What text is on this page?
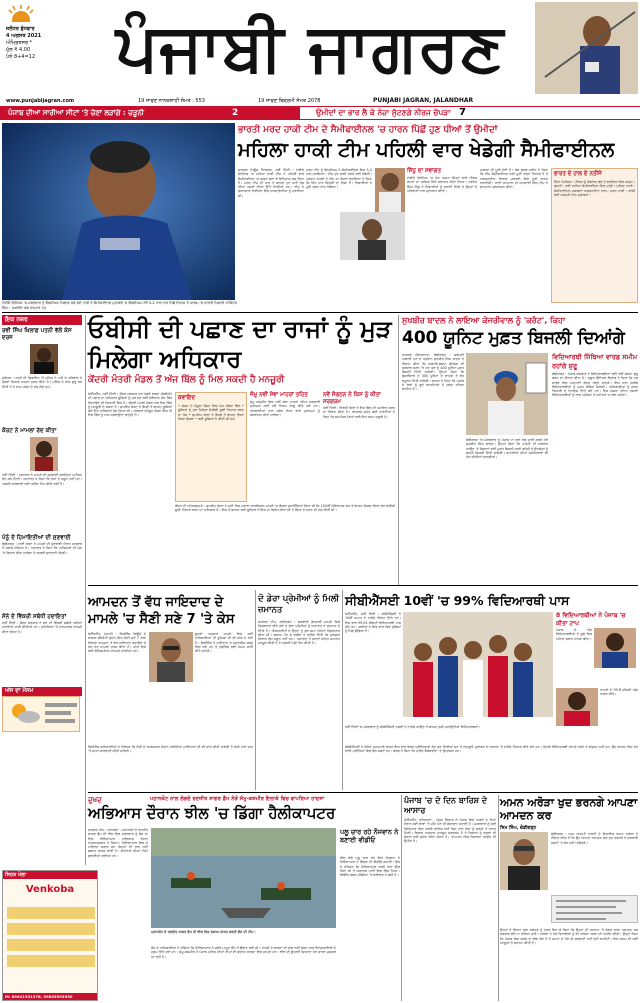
ਜਲੰਧਰ ਬੁੱਧਵਾਰ
4 ਅਗਸਤ 2021
ਅੰਮ੍ਰਿਤਸਰ *
ਮੁੱਲ ₹ 4.00
ਪੰਨੇ 8+4=12	ਪੰਜਾਬੀ ਜਾਗਰਣ
www.punjabijagran.com	19 ਸਾਵਣ ਨਾਨਕਸ਼ਾਹੀ ਸੰਮਤ : 553	19 ਸਾਵਣ ਬਿਕ੍ਰਮੀ ਸੰਮਤ 2078	PUNJABI JAGRAN, JALANDHAR
ਪੰਜਾਬ ਦੀਆਂ ਸਾਰੀਆਂ ਸੀਟਾਂ 'ਤੇ ਚੋਣਾਂ ਲੜਾਂਗੇ : ਚੜੂਨੀ	2	ਉਮੀਦਾਂ ਦਾ ਭਾਰ ਲੈ ਕੇ ਨੇਜ਼ਾ ਸੁੱਟਣਗੇ ਨੀਰਜ ਚੋਪੜਾ 7
ਟੋਕੀਓ ਓਲੰਪਿਕ 'ਚ ਮੰਗਲਵਾਰ ਨੂੰ ਬੈਲਜੀਅਮ ਖ਼ਿਲਾਫ਼ ਖੇਡੇ ਗਏ ਹਾਕੀ ਦੇ ਸੈਮੀਫਾਈਨਲ ਮੁਕਾਬਲੇ 'ਚ ਬੈਲਜੀਅਮ ਹੱਥੋਂ 5-2 ਨਾਲ ਹਾਰ ਪਿੱਛੋਂ ਨਿਰਾਸ਼ ਦੇ ਆਲਮ 'ਚ ਭਾਰਤੀ ਖਿਡਾਰੀ ਰਾਜਿੰਦਰ ਸਿੰਘ। (ਅਲੀਨਾ ਬਡ ਰਾਸ਼ਟਰ 'ਚ)
ਭਾਰਤੀ ਮਰਦ ਹਾਕੀ ਟੀਮ ਦੇ ਸੈਮੀਫਾਈਨਲ 'ਚ ਹਾਰਨ ਪਿੱਛੋਂ ਹੁਣ ਧੀਆਂ ਤੋਂ ਉਮੀਦਾਂ
ਮਹਿਲਾ ਹਾਕੀ ਟੀਮ ਪਹਿਲੀ ਵਾਰ ਖੇਡੇਗੀ ਸੈਮੀਫਾਈਨਲ
ਜਾਗਰਣ ਨਿਊਜ਼ ਨੈੱਟਵਰਕ, ਨਵੀਂ ਦਿੱਲੀ : ਟੋਕੀਓ ਓਲੰਪਿਕ 'ਚ ਮਹਿਲਾ ਹਾਕੀ ਟੀਮ ਨੇ ਪਹਿਲੀ ਵਾਰ ਸੈਮੀਫਾਈਨਲ 'ਚ ਜਗ੍ਹਾ ਬਣਾ ਕੇ ਇਤਿਹਾਸ ਰਚ ਦਿੱਤਾ ਹੈ। ਮਰਦ ਟੀਮ ਦੀ ਹਾਰ ਤੋਂ ਬਾਅਦ ਹੁਣ ਸਾਰੇ ਦੇਸ਼ ਦੀਆਂ ਨਜ਼ਰਾਂ ਧੀਆਂ ਉੱਤੇ ਟਿਕੀਆਂ ਹਨ। ਟੀਮ ਨੇ ਕੁਆਰਟਰ ਫਾਈਨਲ ਵਿਚ ਆਸਟ੍ਰੇਲੀਆ ਨੂੰ ਹਰਾਇਆ ਸੀ।
ਮਰਦ ਟੀਮ ਨੂੰ ਬੈਲਜੀਅਮ ਨੇ ਸੈਮੀਫਾਈਨਲ ਵਿਚ 5-2 ਨਾਲ ਹਰਾਇਆ। ਟੀਮ ਹੁਣ ਕਾਂਸੀ ਤਗਮੇ ਲਈ ਖੇਡੇਗੀ। ਪ੍ਰਧਾਨ ਮੰਤਰੀ ਨੇ ਟੀਮ ਦਾ ਹੌਸਲਾ ਵਧਾਇਆ ਤੇ ਕਿਹਾ ਕਿ ਜਿੱਤ ਹਾਰ ਜ਼ਿੰਦਗੀ ਦਾ ਹਿੱਸਾ ਹੈ। ਖਿਡਾਰੀਆਂ ਨੇ ਪੂਰੀ ਲਗਨ ਨਾਲ ਖੇਡਿਆ।
ਸਿੱਧੂ ਦਾ ਸਵਾਗਤ
ਟੋਕੀਓ ਓਲੰਪਿਕ 'ਚ ਸੋਨ ਤਗਮਾ ਜਿੱਤਣ ਵਾਲੇ ਨੀਰਜ ਚੋਪੜਾ ਦਾ ਜਲੰਧਰ ਵਿਖੇ ਸਵਾਗਤ ਕੀਤਾ ਗਿਆ। ਨਵਜੋਤ ਸਿੰਘ ਸਿੱਧੂ ਨੇ ਖਿਡਾਰੀਆਂ ਨੂੰ ਵਧਾਈ ਦਿੱਤੀ ਤੇ ਉਨ੍ਹਾਂ ਦੇ ਪਰਿਵਾਰਾਂ ਨਾਲ ਮੁਲਾਕਾਤ ਕੀਤੀ।
ਮਕਸਦ ਦੀ ਪੂਰੀ ਹੋਈ ਹੈ। ਕੋਚ ਸ਼ੋਰਡ ਮਰੀਨ ਨੇ ਕਿਹਾ ਕਿ ਟੀਮ ਸੈਮੀਫਾਈਨਲ ਲਈ ਪੂਰੀ ਤਰ੍ਹਾਂ ਤਿਆਰ ਹੈ ਤੇ ਅਰਜਨਟੀਨਾ ਖ਼ਿਲਾਫ਼ ਮੁਕਾਬਲੇ ਵਿਚ ਪੂਰੀ ਤਾਕਤ ਲਗਾਏਗੀ। ਰਾਣੀ ਰਾਮਪਾਲ ਦੀ ਅਗਵਾਈ ਵਿਚ ਟੀਮ ਨੇ ਸ਼ਾਨਦਾਰ ਪ੍ਰਦਰਸ਼ਨ ਕੀਤਾ।	ਭਾਰਤ ਦੇ ਹਾਲ ਦੇ ਨਤੀਜੇ
ਜਿੱਤਾ ਮਿਲਿਆ : ਨੀਰਜ ਨੂੰ ਜੈਵਲਿਨ ਥ੍ਰੋ ਦੇ ਫਾਈਨਲ ਵਿਚ ਜਗ੍ਹਾ। ਕੁਸ਼ਤੀ : ਰਵੀ ਦਹੀਆ ਸੈਮੀਫਾਈਨਲ ਵਿਚ ਪਹੁੰਚੇ। ਮਹਿਲਾ ਹਾਕੀ : ਸੈਮੀਫਾਈਨਲ ਮੁਕਾਬਲਾ ਅਰਜਨਟੀਨਾ ਨਾਲ। ਮਰਦ ਹਾਕੀ : ਕਾਂਸੀ ਲਈ ਜਰਮਨੀ ਨਾਲ ਮੁਕਾਬਲਾ।
ਇਕ ਨਜ਼ਰ
ਰਵੀ ਸਿੰਘ ਖ਼ਿਲਾਫ਼ ਪਤਨੀ ਵੱਲੋਂ ਕੇਸ ਦਰਜ
ਜਲੰਧਰ : ਪਤਨੀ ਦੀ ਸ਼ਿਕਾਇਤ 'ਤੇ ਪੁਲਿਸ ਨੇ ਪਤੀ ਤੇ ਪਰਿਵਾਰ ਦੇ ਮੈਂਬਰਾਂ ਖ਼ਿਲਾਫ਼ ਮਾਮਲਾ ਦਰਜ ਕੀਤਾ ਹੈ। ਪੁਲਿਸ ਨੇ ਜਾਂਚ ਸ਼ੁਰੂ ਕਰ ਦਿੱਤੀ ਹੈ ਤੇ ਦਾਜ ਮੰਗਣ ਦੇ ਦੋਸ਼ ਲੱਗੇ ਹਨ।
ਕੋਰਟ ਨੇ ਮਾਮਲਾ ਰੱਦ ਕੀਤਾ
ਨਵੀਂ ਦਿੱਲੀ : ਅਦਾਲਤ ਨੇ ਮਾਮਲੇ ਦੀ ਸੁਣਵਾਈ ਕਰਦਿਆਂ ਪਟੀਸ਼ਨ ਰੱਦ ਕਰ ਦਿੱਤੀ। ਅਦਾਲਤ ਨੇ ਕਿਹਾ ਕਿ ਦੋਸ਼ਾਂ ਦੇ ਸਬੂਤ ਨਹੀਂ ਹਨ। ਅਗਲੀ ਕਾਰਵਾਈ ਲਈ ਤਰੀਕ ਤੈਅ ਕੀਤੀ ਗਈ ਹੈ।
ਪੰਨੂੰ ਦੇ ਹਿਮਾਇਤੀਆਂ ਦੀ ਸੁਣਵਾਈ
ਚੰਡੀਗੜ੍ਹ : ਹਾਈ ਕੋਰਟ ਨੇ ਮਾਮਲੇ ਦੀ ਸੁਣਵਾਈ ਦੌਰਾਨ ਸਰਕਾਰ ਤੋਂ ਜਵਾਬ ਮੰਗਿਆ ਹੈ। ਅਦਾਲਤ ਨੇ ਕਿਹਾ ਕਿ ਪਟੀਸ਼ਨਰਾਂ ਦੀ ਮੰਗ 'ਤੇ ਵਿਚਾਰ ਕੀਤਾ ਜਾਵੇਗਾ ਤੇ ਅਗਲੀ ਸੁਣਵਾਈ ਹੋਵੇਗੀ।
ਸੋਨੇ ਦੇ ਵਿੱਕਰੀ ਸਬੰਧੀ ਹਦਾਇਤਾਂ
ਨਵੀਂ ਦਿੱਲੀ : ਕੇਂਦਰ ਸਰਕਾਰ ਨੇ ਸੋਨੇ ਦੀ ਵਿੱਕਰੀ ਸਬੰਧੀ ਨਵੀਆਂ ਹਦਾਇਤਾਂ ਜਾਰੀ ਕੀਤੀਆਂ ਹਨ। ਗਹਿਣਿਆਂ 'ਤੇ ਹਾਲਮਾਰਕ ਲਾਜ਼ਮੀ ਕੀਤਾ ਗਿਆ ਹੈ।
ਅੱਜ ਦਾ ਮੌਸਮ
ਸਿਹਤ ਮੇਲਾ
Venkoba
M: 09041931376, 09855595950
ਓਬੀਸੀ ਦੀ ਪਛਾਣ ਦਾ ਰਾਜਾਂ ਨੂੰ ਮੁੜ ਮਿਲੇਗਾ ਅਧਿਕਾਰ
ਕੇਂਦਰੀ ਮੰਤਰੀ ਮੰਡਲ ਤੋਂ ਅੱਜ ਬਿੱਲ ਨੂੰ ਮਿਲ ਸਕਦੀ ਹੈ ਮਨਜ਼ੂਰੀ
ਜੇਐੱਨਐੱਨ, ਨਵੀਂ ਦਿੱਲੀ : ਕੇਂਦਰ ਸਰਕਾਰ ਹੋਰ ਪੱਛੜੇ ਵਰਗਾਂ (ਓਬੀਸੀ) ਦੀ ਪਛਾਣ ਦਾ ਅਧਿਕਾਰ ਸੂਬਿਆਂ ਨੂੰ ਮੁੜ ਦੇਣ ਲਈ ਸੰਵਿਧਾਨ ਸੋਧ ਬਿੱਲ ਲਿਆਉਣ ਦੀ ਤਿਆਰੀ ਵਿਚ ਹੈ। ਕੇਂਦਰੀ ਮੰਤਰੀ ਮੰਡਲ ਅੱਜ ਇਸ ਬਿੱਲ ਨੂੰ ਮਨਜ਼ੂਰੀ ਦੇ ਸਕਦਾ ਹੈ। ਸੁਪਰੀਮ ਕੋਰਟ ਦੇ ਫ਼ੈਸਲੇ ਤੋਂ ਬਾਅਦ ਸੂਬਿਆਂ ਕੋਲੋਂ ਇਹ ਅਧਿਕਾਰ ਖੁੱਸ ਗਿਆ ਸੀ। ਸਰਕਾਰ ਮੌਨਸੂਨ ਸੈਸ਼ਨ ਵਿਚ ਹੀ ਇਸ ਬਿੱਲ ਨੂੰ ਪਾਸ ਕਰਵਾਉਣਾ ਚਾਹੁੰਦੀ ਹੈ।
ਕਵਾਇਦ
• ਸੰਸਦ ਦੇ ਮੌਜੂਦਾ ਸੈਸ਼ਨ ਵਿਚ ਪੇਸ਼ ਹੋਵੇਗਾ ਬਿੱਲ • ਸੂਬਿਆਂ ਨੂੰ ਮੁੜ ਮਿਲੇਗਾ ਓਬੀਸੀ ਸੂਚੀ ਤਿਆਰ ਕਰਨ ਦਾ ਹੱਕ • ਸੁਪਰੀਮ ਕੋਰਟ ਦੇ ਫ਼ੈਸਲੇ ਤੋਂ ਬਾਅਦ ਲਿਆ ਗਿਆ ਫ਼ੈਸਲਾ • ਕਈ ਸੂਬਿਆਂ ਨੇ ਕੀਤੀ ਸੀ ਮੰਗ	ਜੰਮੂ ਨਵੀਂ ਸੇਵਾ ਮਾਹਰਾਂ ਤਹਿਤ
ਜੰਮੂ ਕਸ਼ਮੀਰ ਵਿਚ ਨਵੀਂ ਸੇਵਾ ਮਾਹਰਾਂ ਤਹਿਤ ਸਰਕਾਰੀ ਮੁਲਾਜ਼ਮਾਂ ਲਈ ਨਵੇਂ ਨਿਯਮ ਲਾਗੂ ਕੀਤੇ ਗਏ ਹਨ। ਅੱਤਵਾਦੀਆਂ ਨਾਲ ਸਬੰਧ ਰੱਖਣ ਵਾਲੇ ਮੁਲਾਜ਼ਮਾਂ ਨੂੰ ਬਰਖ਼ਾਸਤ ਕੀਤਾ ਜਾਵੇਗਾ।	ਨਵੇਂ ਸੰਗਠਨ ਨੇ ਕਿਸ ਨੂੰ ਕੀਤਾ ਸਰਗਰਮ
ਨਵੀਂ ਦਿੱਲੀ : ਵਿਰੋਧੀ ਧਿਰਾਂ ਨੇ ਇਸ ਬਿੱਲ ਦੀ ਹਮਾਇਤ ਕਰਨ ਦਾ ਐਲਾਨ ਕੀਤਾ ਹੈ। ਕਾਂਗਰਸ ਸਮੇਤ ਕਈ ਪਾਰਟੀਆਂ ਨੇ ਕਿਹਾ ਕਿ ਸਮਾਜਿਕ ਨਿਆਂ ਲਈ ਇਹ ਕਦਮ ਜ਼ਰੂਰੀ ਹੈ।
ਕੇਂਦਰ ਦੀ ਪਹਿਲਕਦਮੀ : ਸੁਪਰੀਮ ਕੋਰਟ ਨੇ ਮਈ ਵਿਚ ਮਰਾਠਾ ਰਾਖਵੇਂਕਰਨ ਮਾਮਲੇ 'ਚ ਫ਼ੈਸਲਾ ਸੁਣਾਉਂਦਿਆਂ ਕਿਹਾ ਸੀ ਕਿ 102ਵੀਂ ਸੰਵਿਧਾਨਕ ਸੋਧ ਤੋਂ ਬਾਅਦ ਸਿਰਫ਼ ਕੇਂਦਰ ਕੋਲ ਓਬੀਸੀ ਸੂਚੀ ਤਿਆਰ ਕਰਨ ਦਾ ਅਧਿਕਾਰ ਹੈ। ਇਸ ਤੋਂ ਬਾਅਦ ਕਈ ਸੂਬਿਆਂ ਨੇ ਇਸ ਦਾ ਵਿਰੋਧ ਕੀਤਾ ਸੀ ਤੇ ਕੇਂਦਰ ਤੋਂ ਦਖ਼ਲ ਦੀ ਮੰਗ ਕੀਤੀ ਸੀ।
ਸੁਖਬੀਰ ਬਾਦਲ ਨੇ ਲਾਇਆ ਕੇਜਰੀਵਾਲ ਨੂੰ 'ਕਰੰਟ', ਕਿਹਾ
400 ਯੂਨਿਟ ਮੁਫ਼ਤ ਬਿਜਲੀ ਦਿਆਂਗੇ
ਜਾਗਰਣ ਸੰਵਾਦਦਾਤਾ, ਚੰਡੀਗੜ੍ਹ : ਸ਼੍ਰੋਮਣੀ ਅਕਾਲੀ ਦਲ ਦੇ ਪ੍ਰਧਾਨ ਸੁਖਬੀਰ ਸਿੰਘ ਬਾਦਲ ਨੇ ਐਲਾਨ ਕੀਤਾ ਕਿ ਅਕਾਲੀ-ਬਸਪਾ ਗੱਠਜੋੜ ਦੀ ਸਰਕਾਰ ਬਣਨ 'ਤੇ ਹਰ ਘਰ ਨੂੰ 400 ਯੂਨਿਟ ਮੁਫ਼ਤ ਬਿਜਲੀ ਦਿੱਤੀ ਜਾਵੇਗੀ। ਉਨ੍ਹਾਂ ਕਿਹਾ ਕਿ ਕੇਜਰੀਵਾਲ ਦੇ 300 ਯੂਨਿਟ ਦੇ ਵਾਅਦੇ ਤੋਂ ਵੱਧ ਸਹੂਲਤ ਦਿੱਤੀ ਜਾਵੇਗੀ। ਬਾਦਲ ਨੇ ਕਿਹਾ ਕਿ ਪੰਜਾਬ ਦੇ ਲੋਕਾਂ ਨੂੰ ਝੂਠੇ ਵਾਅਦਿਆਂ ਤੋਂ ਸੁਚੇਤ ਰਹਿਣਾ ਚਾਹੀਦਾ ਹੈ।
ਚੰਡੀਗੜ੍ਹ 'ਚ ਮੰਗਲਵਾਰ ਨੂੰ ਪੰਜਾਬ ਦਾ ਨਵਾਂ ਲੋਗੋ ਜਾਰੀ ਕਰਦੇ ਹੋਏ ਸੁਖਬੀਰ ਸਿੰਘ ਬਾਦਲ। ਉਨ੍ਹਾਂ ਕਿਹਾ ਕਿ ਪਾਰਟੀ ਦੀ ਸਰਕਾਰ ਆਉਣ 'ਤੇ ਕਿਸਾਨਾਂ ਲਈ ਮੁਫ਼ਤ ਬਿਜਲੀ ਜਾਰੀ ਰਹੇਗੀ ਤੇ ਉਦਯੋਗਾਂ ਨੂੰ ਸਸਤੀ ਬਿਜਲੀ ਦਿੱਤੀ ਜਾਵੇਗੀ। ਵਪਾਰੀਆਂ ਦੀਆਂ ਸਮੱਸਿਆਵਾਂ ਵੀ ਹੱਲ ਕੀਤੀਆਂ ਜਾਣਗੀਆਂ।
ਵਿਦਿਆਰਥੀ ਜਿੱਥਿਆ ਵਾਰਡ ਸਮੀਮ ਰਹਾਂਗੇ ਸ਼ੁਰੂ
ਚੰਡੀਗੜ੍ਹ : ਪੰਜਾਬ ਸਰਕਾਰ ਨੇ ਵਿਦਿਆਰਥੀਆਂ ਲਈ ਨਵੀਂ ਯੋਜਨਾ ਸ਼ੁਰੂ ਕਰਨ ਦਾ ਐਲਾਨ ਕੀਤਾ ਹੈ। ਸਕੂਲ ਸਿੱਖਿਆ ਵਿਭਾਗ ਨੇ ਕਿਹਾ ਕਿ ਹਰ ਵਾਰਡ ਵਿਚ ਪੜ੍ਹਾਈ ਕੇਂਦਰ ਖੋਲ੍ਹੇ ਜਾਣਗੇ। ਇਸ ਨਾਲ ਗ਼ਰੀਬ ਵਿਦਿਆਰਥੀਆਂ ਨੂੰ ਮੁਫ਼ਤ ਕੋਚਿੰਗ ਮਿਲੇਗੀ। ਅਧਿਕਾਰੀਆਂ ਨੂੰ ਜਲਦ ਤਿਆਰੀ ਦੇ ਨਿਰਦੇਸ਼ ਦਿੱਤੇ ਗਏ ਹਨ। ਇਸ ਯੋਜਨਾ ਤਹਿਤ ਹਜ਼ਾਰਾਂ ਵਿਦਿਆਰਥੀਆਂ ਨੂੰ ਲਾਭ ਪਹੁੰਚੇਗਾ ਤੇ ਮਾਪਿਆਂ ਦਾ ਬੋਝ ਘਟੇਗਾ।
ਆਮਦਨ ਤੋਂ ਵੱਧ ਜਾਇਦਾਦ ਦੇ ਮਾਮਲੇ 'ਚ ਸੈਣੀ ਸਣੇ 7 'ਤੇ ਕੇਸ
ਜੇਐੱਨਐੱਨ, ਮੋਹਾਲੀ : ਵਿਜੀਲੈਂਸ ਬਿਊਰੋ ਨੇ ਸਾਬਕਾ ਡੀਜੀਪੀ ਸੁਮੇਧ ਸਿੰਘ ਸੈਣੀ ਸਣੇ 7 ਲੋਕਾਂ ਖ਼ਿਲਾਫ਼ ਆਮਦਨ ਤੋਂ ਵੱਧ ਜਾਇਦਾਦ ਬਣਾਉਣ ਦੇ ਦੋਸ਼ ਹੇਠ ਮਾਮਲਾ ਦਰਜ ਕੀਤਾ ਹੈ। ਜਾਂਚ ਵਿਚ ਕਈ ਬੇਨਿਯਮੀਆਂ ਸਾਹਮਣੇ ਆਈਆਂ ਹਨ।
ਸੂਤਰਾਂ ਅਨੁਸਾਰ ਮਾਮਲੇ ਵਿਚ ਕਈ ਅਧਿਕਾਰੀਆਂ ਦੀ ਭੂਮਿਕਾ ਦੀ ਵੀ ਜਾਂਚ ਹੋ ਰਹੀ ਹੈ। ਵਿਜੀਲੈਂਸ ਨੇ ਜਾਇਦਾਦ ਦੇ ਦਸਤਾਵੇਜ਼ ਕਬਜ਼ੇ ਵਿਚ ਲਏ ਹਨ ਤੇ ਪੁੱਛਗਿੱਛ ਲਈ ਸੰਮਨ ਜਾਰੀ ਕੀਤੇ ਜਾਣਗੇ।
ਵਿਜੀਲੈਂਸ ਅਧਿਕਾਰੀਆਂ ਨੇ ਦੱਸਿਆ ਕਿ ਸੈਣੀ ਦੇ ਕਾਰਜਕਾਲ ਦੌਰਾਨ ਖ਼ਰੀਦੀਆਂ ਜਾਇਦਾਦਾਂ ਦੀ ਵੀ ਜਾਂਚ ਕੀਤੀ ਜਾਵੇਗੀ ਤੇ ਦੋਸ਼ੀ ਪਾਏ ਜਾਣ 'ਤੇ ਸਖ਼ਤ ਕਾਰਵਾਈ ਕੀਤੀ ਜਾਵੇਗੀ।
ਦੋ ਡੇਰਾ ਪ੍ਰੇਮੀਆਂ ਨੂੰ ਮਿਲੀ ਜ਼ਮਾਨਤ
ਜਾਗਰਣ ਟੀਮ, ਫ਼ਰੀਦਕੋਟ : ਬਰਗਾੜੀ ਬੇਅਦਬੀ ਮਾਮਲੇ ਵਿਚ ਗ੍ਰਿਫ਼ਤਾਰ ਕੀਤੇ ਗਏ ਦੋ ਡੇਰਾ ਪ੍ਰੇਮੀਆਂ ਨੂੰ ਅਦਾਲਤ ਨੇ ਜ਼ਮਾਨਤ ਦੇ ਦਿੱਤੀ ਹੈ। ਐੱਸਆਈਟੀ ਨੇ ਉਨ੍ਹਾਂ ਨੂੰ ਕੁਝ ਸਮਾਂ ਪਹਿਲਾਂ ਗ੍ਰਿਫ਼ਤਾਰ ਕੀਤਾ ਸੀ। ਬਚਾਅ ਪੱਖ ਦੇ ਵਕੀਲ ਨੇ ਦਲੀਲ ਦਿੱਤੀ ਕਿ ਮੁਲਜ਼ਮਾਂ ਖ਼ਿਲਾਫ਼ ਠੋਸ ਸਬੂਤ ਨਹੀਂ ਹਨ। ਅਦਾਲਤ ਨੇ ਸ਼ਰਤਾਂ ਸਹਿਤ ਜ਼ਮਾਨਤ ਮਨਜ਼ੂਰ ਕੀਤੀ ਹੈ ਤੇ ਅਗਲੀ ਪੇਸ਼ੀ ਤੈਅ ਕੀਤੀ ਹੈ।
ਸੀਬੀਐੱਸਈ 10ਵੀਂ 'ਚ 99% ਵਿਦਿਆਰਥੀ ਪਾਸ
ਜੇਐੱਨਐੱਨ, ਨਵੀਂ ਦਿੱਲੀ : ਸੀਬੀਐੱਸਈ ਨੇ 10ਵੀਂ ਜਮਾਤ ਦੇ ਨਤੀਜੇ ਐਲਾਨ ਦਿੱਤੇ ਹਨ। ਇਸ ਵਾਰ 99.04 ਫ਼ੀਸਦੀ ਵਿਦਿਆਰਥੀ ਪਾਸ ਹੋਏ ਹਨ। ਕੁੜੀਆਂ ਨੇ ਇਕ ਵਾਰ ਫਿਰ ਮੁੰਡਿਆਂ ਨੂੰ ਪਿੱਛੇ ਛੱਡਿਆ ਹੈ।
8 ਵਿਦਿਆਰਥੀਆਂ ਨੇ ਪੰਜਾਬ 'ਚ ਕੀਤਾ ਟਾਪ
ਪੰਜਾਬ ਦੇ ਅੱਠ ਵਿਦਿਆਰਥੀਆਂ ਨੇ ਸੂਬੇ ਵਿਚ ਪਹਿਲਾ ਸਥਾਨ ਹਾਸਲ ਕੀਤਾ।
ਟਾਪਰਾਂ ਨੇ 99.8 ਫ਼ੀਸਦੀ ਅੰਕ ਹਾਸਲ ਕੀਤੇ।
ਨਵੀਂ ਦਿੱਲੀ 'ਚ ਮੰਗਲਵਾਰ ਨੂੰ ਸੀਬੀਐੱਸਈ ਦਸਵੀਂ ਦੇ ਨਤੀਜੇ ਆਉਣ ਤੋਂ ਬਾਅਦ ਖ਼ੁਸ਼ੀ ਮਨਾਉਂਦੀਆਂ ਵਿਦਿਆਰਥਣਾਂ।
ਸੀਬੀਐੱਸਈ ਨੇ ਕੋਰੋਨਾ ਮਹਾਮਾਰੀ ਕਾਰਨ ਇਸ ਵਾਰ ਬੋਰਡ ਪ੍ਰੀਖਿਆਵਾਂ ਰੱਦ ਕਰ ਦਿੱਤੀਆਂ ਸਨ ਤੇ ਅੰਦਰੂਨੀ ਮੁਲਾਂਕਣ ਦੇ ਆਧਾਰ 'ਤੇ ਨਤੀਜੇ ਤਿਆਰ ਕੀਤੇ ਗਏ ਹਨ। ਜਿਹੜੇ ਵਿਦਿਆਰਥੀ ਆਪਣੇ ਅੰਕਾਂ ਤੋਂ ਸੰਤੁਸ਼ਟ ਨਹੀਂ ਹਨ, ਉਹ ਬਾਅਦ ਵਿਚ ਹੋਣ ਵਾਲੀ ਪ੍ਰੀਖਿਆ ਵਿਚ ਬੈਠ ਸਕਦੇ ਹਨ। ਬੋਰਡ ਨੇ ਕਿਹਾ ਕਿ ਨਤੀਜੇ ਵੈੱਬਸਾਈਟ 'ਤੇ ਉਪਲਬਧ ਹਨ।
ਦੁਖਦ	ਪਠਾਨਕੋਟ ਨਾਲ ਲੱਗਦੇ ਰਣਜੀਤ ਸਾਗਰ ਡੈਮ ਨੇੜੇ ਜੰਮੂ-ਕਸ਼ਮੀਰ ਇਲਾਕੇ ਵਿਚ ਵਾਪਰਿਆ ਹਾਦਸਾ
ਅਭਿਆਸ ਦੌਰਾਨ ਝੀਲ 'ਚ ਡਿੱਗਾ ਹੈਲੀਕਾਪਟਰ
ਜਾਗਰਣ ਟੀਮ, ਪਠਾਨਕੋਟ : ਪਠਾਨਕੋਟ ਦੇ ਰਣਜੀਤ ਸਾਗਰ ਡੈਮ ਦੀ ਝੀਲ ਵਿਚ ਮੰਗਲਵਾਰ ਨੂੰ ਫ਼ੌਜ ਦਾ ਇਕ ਹੈਲੀਕਾਪਟਰ ਅਭਿਆਸ ਦੌਰਾਨ ਹਾਦਸਾਗ੍ਰਸਤ ਹੋ ਗਿਆ। ਹੈਲੀਕਾਪਟਰ ਵਿਚ ਦੋ ਪਾਇਲਟ ਸਵਾਰ ਸਨ ਜਿਨ੍ਹਾਂ ਦੀ ਭਾਲ ਲਈ ਬਚਾਅ ਕਾਰਜ ਜਾਰੀ ਹੈ। ਗੋਤਾਖੋਰਾਂ ਦੀਆਂ ਟੀਮਾਂ ਬੁਲਾਈਆਂ ਗਈਆਂ ਹਨ।
ਪਠਾਨਕੋਟ ਦੇ ਰਣਜੀਤ ਸਾਗਰ ਡੈਮ ਦੀ ਝੀਲ ਵਿਚ ਬਚਾਅ ਕਾਰਜ ਕਰਦੀ ਫ਼ੌਜ ਦੀ ਟੀਮ।
ਫ਼ੌਜ ਦੇ ਅਧਿਕਾਰੀਆਂ ਨੇ ਦੱਸਿਆ ਕਿ ਹੈਲੀਕਾਪਟਰ ਨੇ ਸਵੇਰੇ ਮਾਮੂਨ ਕੈਂਟ ਤੋਂ ਉਡਾਣ ਭਰੀ ਸੀ। ਹਾਦਸੇ ਦੇ ਕਾਰਨਾਂ ਦੀ ਜਾਂਚ ਲਈ ਕੋਰਟ ਆਫ ਇਨਕੁਆਇਰੀ ਦੇ ਹੁਕਮ ਦਿੱਤੇ ਗਏ ਹਨ। ਜੰਮੂ-ਕਸ਼ਮੀਰ ਤੇ ਪੰਜਾਬ ਪੁਲਿਸ ਦੀਆਂ ਟੀਮਾਂ ਵੀ ਬਚਾਅ ਕਾਰਜਾਂ ਵਿਚ ਸ਼ਾਮਲ ਹਨ। ਝੀਲ ਦੀ ਡੂੰਘਾਈ ਜ਼ਿਆਦਾ ਹੋਣ ਕਾਰਨ ਮੁਸ਼ਕਲ ਆ ਰਹੀ ਹੈ।
ਪਲੂ ਚਾਰ ਰਹੇ ਨੌਜਵਾਨ ਨੇ ਬਣਾਈ ਵੀਡੀਓ
ਝੀਲ ਕੰਢੇ ਪਸ਼ੂ ਚਾਰ ਰਹੇ ਇਕ ਨੌਜਵਾਨ ਨੇ ਹੈਲੀਕਾਪਟਰ ਦੇ ਡਿੱਗਣ ਦੀ ਵੀਡੀਓ ਬਣਾਈ। ਉਸ ਨੇ ਦੱਸਿਆ ਕਿ ਹੈਲੀਕਾਪਟਰ ਕਾਫ਼ੀ ਹੇਠਾਂ ਉੱਡ ਰਿਹਾ ਸੀ ਤੇ ਅਚਾਨਕ ਪਾਣੀ ਵਿਚ ਡਿੱਗ ਪਿਆ। ਵੀਡੀਓ ਸੋਸ਼ਲ ਮੀਡੀਆ 'ਤੇ ਵਾਇਰਲ ਹੋ ਗਈ ਹੈ।
ਪੰਜਾਬ 'ਚ ਦੋ ਦਿਨ ਬਾਰਿਸ਼ ਦੇ ਆਸਾਰ
ਜੇਐੱਨਐੱਨ, ਲੁਧਿਆਣਾ : ਮੌਸਮ ਵਿਭਾਗ ਨੇ ਪੰਜਾਬ ਵਿਚ ਅਗਲੇ ਦੋ ਦਿਨਾਂ ਦੌਰਾਨ ਕਈ ਥਾਵਾਂ 'ਤੇ ਮੀਂਹ ਪੈਣ ਦੀ ਸੰਭਾਵਨਾ ਜਤਾਈ ਹੈ। ਮੰਗਲਵਾਰ ਨੂੰ ਕਈ ਜ਼ਿਲ੍ਹਿਆਂ ਵਿਚ ਹਲਕੀ ਬਾਰਿਸ਼ ਹੋਈ ਜਿਸ ਨਾਲ ਲੋਕਾਂ ਨੂੰ ਗਰਮੀ ਤੋਂ ਰਾਹਤ ਮਿਲੀ। ਵਿਭਾਗ ਅਨੁਸਾਰ ਮਾਨਸੂਨ ਸਰਗਰਮ ਹੈ ਤੇ ਕਿਸਾਨਾਂ ਨੂੰ ਫ਼ਸਲਾਂ ਦੀ ਸੰਭਾਲ ਲਈ ਸੁਚੇਤ ਕੀਤਾ ਗਿਆ ਹੈ। ਤਾਪਮਾਨ ਵਿਚ ਗਿਰਾਵਟ ਆਉਣ ਦੀ ਉਮੀਦ ਹੈ।
ਅਮਨ ਅਰੋੜਾ ਖੁਦ ਭਰਨਗੇ ਆਪਣਾ ਆਮਦਨ ਕਰ
ਸਿਮ ਸਿੰਘ, ਚੰਡੀਗੜ੍ਹ
ਚੰਡੀਗੜ੍ਹ : ਆਮ ਆਦਮੀ ਪਾਰਟੀ ਦੇ ਵਿਧਾਇਕ ਅਮਨ ਅਰੋੜਾ ਨੇ ਐਲਾਨ ਕੀਤਾ ਹੈ ਕਿ ਉਹ ਆਪਣਾ ਆਮਦਨ ਕਰ ਖ਼ੁਦ ਭਰਨਗੇ ਤੇ ਸਰਕਾਰੀ ਖ਼ਜ਼ਾਨੇ 'ਤੇ ਬੋਝ ਨਹੀਂ ਪਾਉਣਗੇ।
ਉਨ੍ਹਾਂ ਨੇ ਵਿਧਾਨ ਸਭਾ ਸਕੱਤਰ ਨੂੰ ਪੱਤਰ ਲਿਖ ਕੇ ਕਿਹਾ ਕਿ ਉਨ੍ਹਾਂ ਦੀ ਤਨਖ਼ਾਹ 'ਤੇ ਲੱਗਣ ਵਾਲਾ ਆਮਦਨ ਕਰ ਸਰਕਾਰ ਵੱਲੋਂ ਨਾ ਭਰਿਆ ਜਾਵੇ। ਅਰੋੜਾ ਨੇ ਹੋਰ ਵਿਧਾਇਕਾਂ ਨੂੰ ਵੀ ਅਜਿਹਾ ਕਰਨ ਦੀ ਅਪੀਲ ਕੀਤੀ। ਉਨ੍ਹਾਂ ਕਿਹਾ ਕਿ ਪੰਜਾਬ ਸਿਰ ਕਰਜ਼ੇ ਦਾ ਵੱਡਾ ਬੋਝ ਹੈ ਤੇ ਜਨਤਾ ਦੇ ਪੈਸੇ ਦੀ ਬਰਬਾਦੀ ਨਹੀਂ ਹੋਣੀ ਚਾਹੀਦੀ। ਇਸ ਕਦਮ ਦੀ ਕਈ ਆਗੂਆਂ ਨੇ ਸ਼ਲਾਘਾ ਕੀਤੀ ਹੈ।
